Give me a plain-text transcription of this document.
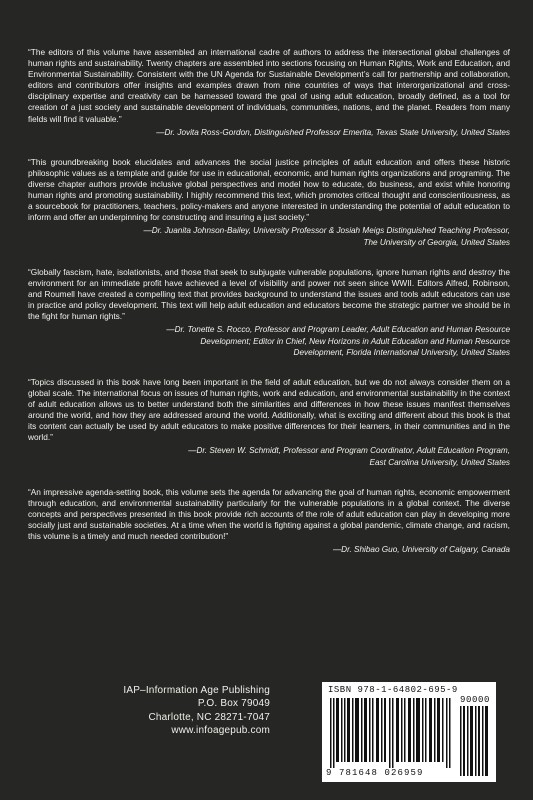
“The editors of this volume have assembled an international cadre of authors to address the intersectional global challenges of human rights and sustainability. Twenty chapters are assembled into sections focusing on Human Rights, Work and Education, and Environmental Sustainability. Consistent with the UN Agenda for Sustainable Development’s call for partnership and collaboration, editors and contributors offer insights and examples drawn from nine countries of ways that interorganizational and cross-disciplinary expertise and creativity can be harnessed toward the goal of using adult education, broadly defined, as a tool for creation of a just society and sustainable development of individuals, communities, nations, and the planet. Readers from many fields will find it valuable.”

—Dr. Jovita Ross-Gordon, Distinguished Professor Emerita, Texas State University, United States

“This groundbreaking book elucidates and advances the social justice principles of adult education and offers these historic philosophic values as a template and guide for use in educational, economic, and human rights organizations and programing. The diverse chapter authors provide inclusive global perspectives and model how to educate, do business, and exist while honoring human rights and promoting sustainability. I highly recommend this text, which promotes critical thought and conscientiousness, as a sourcebook for practitioners, teachers, policy-makers and anyone interested in understanding the potential of adult education to inform and offer an underpinning for constructing and insuring a just society.”

—Dr. Juanita Johnson-Bailey, University Professor & Josiah Meigs Distinguished Teaching Professor,
The University of Georgia, United States

“Globally fascism, hate, isolationists, and those that seek to subjugate vulnerable populations, ignore human rights and destroy the environment for an immediate profit have achieved a level of visibility and power not seen since WWII. Editors Alfred, Robinson, and Roumell have created a compelling text that provides background to understand the issues and tools adult educators can use in practice and policy development. This text will help adult education and educators become the strategic partner we should be in the fight for human rights.”

—Dr. Tonette S. Rocco, Professor and Program Leader, Adult Education and Human Resource
Development; Editor in Chief, New Horizons in Adult Education and Human Resource
Development, Florida International University, United States

“Topics discussed in this book have long been important in the field of adult education, but we do not always consider them on a global scale. The international focus on issues of human rights, work and education, and environmental sustainability in the context of adult education allows us to better understand both the similarities and differences in how these issues manifest themselves around the world, and how they are addressed around the world. Additionally, what is exciting and different about this book is that its content can actually be used by adult educators to make positive differences for their learners, in their communities and in the world.”

—Dr. Steven W. Schmidt, Professor and Program Coordinator, Adult Education Program,
East Carolina University, United States

“An impressive agenda-setting book, this volume sets the agenda for advancing the goal of human rights, economic empowerment through education, and environmental sustainability particularly for the vulnerable populations in a global context. The diverse concepts and perspectives presented in this book provide rich accounts of the role of adult education can play in developing more socially just and sustainable societies. At a time when the world is fighting against a global pandemic, climate change, and racism, this volume is a timely and much needed contribution!”

—Dr. Shibao Guo, University of Calgary, Canada

IAP–Information Age Publishing
P.O. Box 79049
Charlotte, NC 28271-7047
www.infoagepub.com
ISBN 978-1-64802-695-9
90000
9 781648 026959
